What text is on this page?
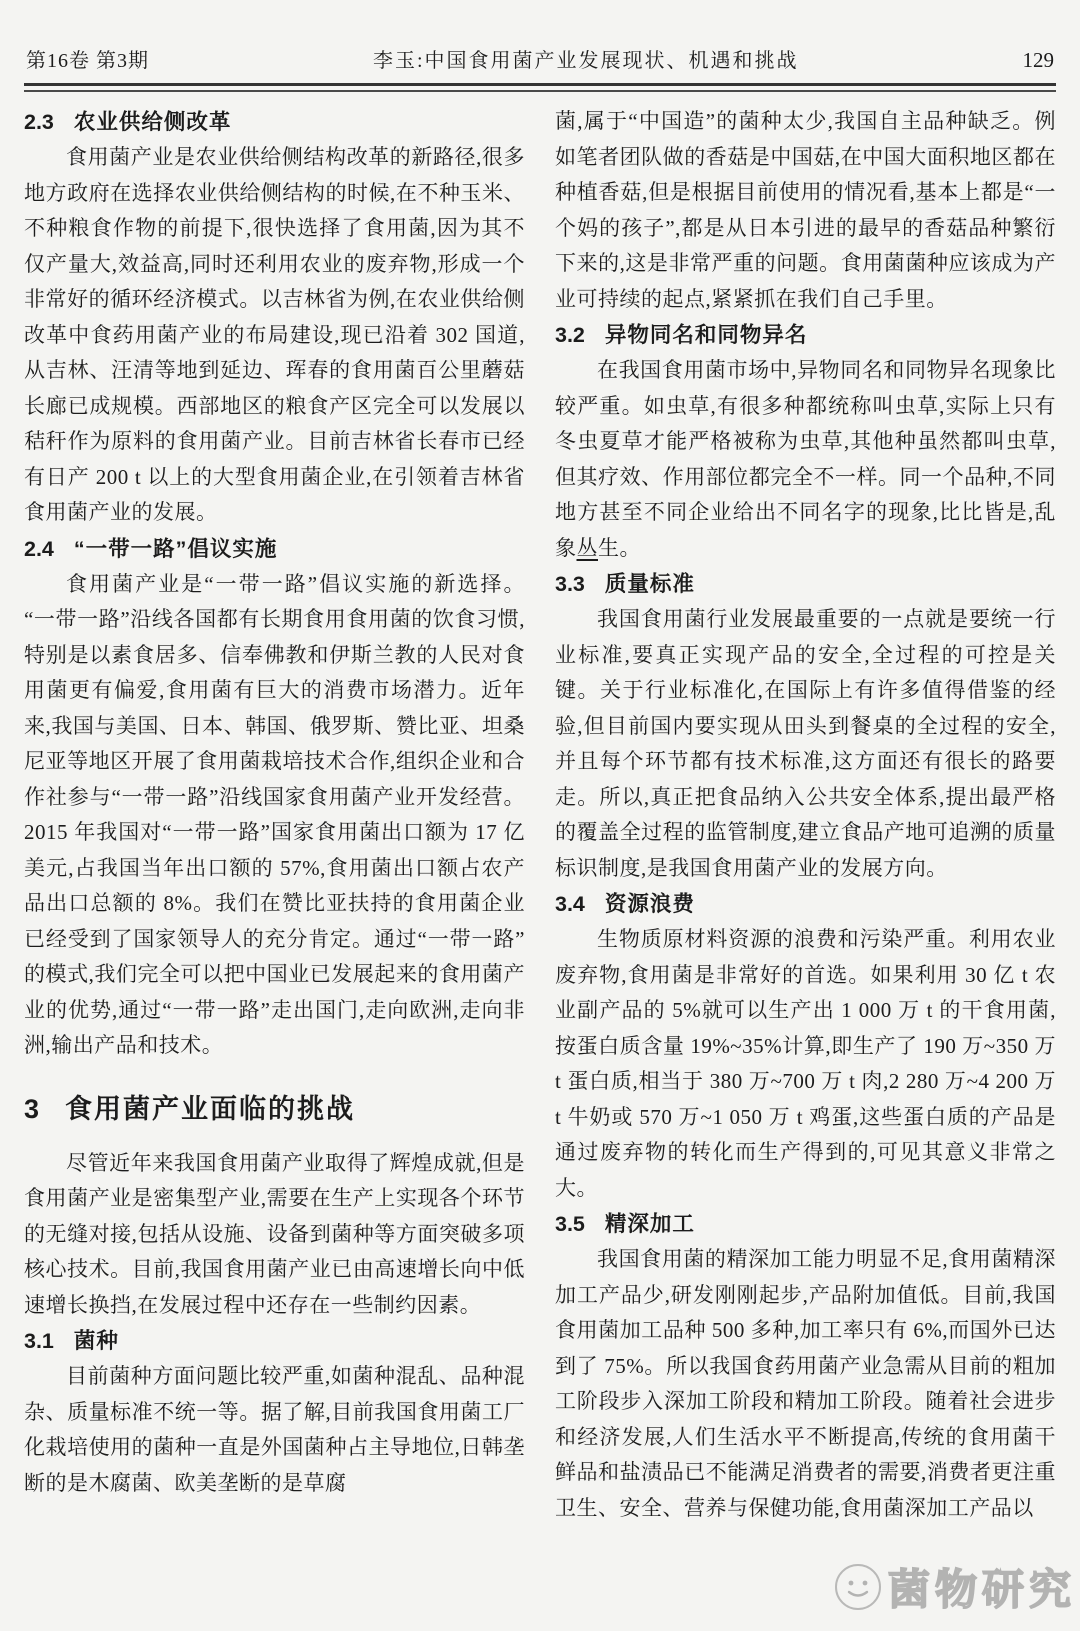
第16卷 第3期	李玉:中国食用菌产业发展现状、机遇和挑战	129
2.3 农业供给侧改革

食用菌产业是农业供给侧结构改革的新路径,很多地方政府在选择农业供给侧结构的时候,在不种玉米、不种粮食作物的前提下,很快选择了食用菌,因为其不仅产量大,效益高,同时还利用农业的废弃物,形成一个非常好的循环经济模式。以吉林省为例,在农业供给侧改革中食药用菌产业的布局建设,现已沿着 302 国道,从吉林、汪清等地到延边、珲春的食用菌百公里蘑菇长廊已成规模。西部地区的粮食产区完全可以发展以秸秆作为原料的食用菌产业。目前吉林省长春市已经有日产 200 t 以上的大型食用菌企业,在引领着吉林省食用菌产业的发展。

2.4 “一带一路”倡议实施

食用菌产业是“一带一路”倡议实施的新选择。“一带一路”沿线各国都有长期食用食用菌的饮食习惯,特别是以素食居多、信奉佛教和伊斯兰教的人民对食用菌更有偏爱,食用菌有巨大的消费市场潜力。近年来,我国与美国、日本、韩国、俄罗斯、赞比亚、坦桑尼亚等地区开展了食用菌栽培技术合作,组织企业和合作社参与“一带一路”沿线国家食用菌产业开发经营。2015 年我国对“一带一路”国家食用菌出口额为 17 亿美元,占我国当年出口额的 57%,食用菌出口额占农产品出口总额的 8%。我们在赞比亚扶持的食用菌企业已经受到了国家领导人的充分肯定。通过“一带一路”的模式,我们完全可以把中国业已发展起来的食用菌产业的优势,通过“一带一路”走出国门,走向欧洲,走向非洲,输出产品和技术。

3 食用菌产业面临的挑战

尽管近年来我国食用菌产业取得了辉煌成就,但是食用菌产业是密集型产业,需要在生产上实现各个环节的无缝对接,包括从设施、设备到菌种等方面突破多项核心技术。目前,我国食用菌产业已由高速增长向中低速增长换挡,在发展过程中还存在一些制约因素。

3.1 菌种

目前菌种方面问题比较严重,如菌种混乱、品种混杂、质量标准不统一等。据了解,目前我国食用菌工厂化栽培使用的菌种一直是外国菌种占主导地位,日韩垄断的是木腐菌、欧美垄断的是草腐

菌,属于“中国造”的菌种太少,我国自主品种缺乏。例如笔者团队做的香菇是中国菇,在中国大面积地区都在种植香菇,但是根据目前使用的情况看,基本上都是“一个妈的孩子”,都是从日本引进的最早的香菇品种繁衍下来的,这是非常严重的问题。食用菌菌种应该成为产业可持续的起点,紧紧抓在我们自己手里。

3.2 异物同名和同物异名

在我国食用菌市场中,异物同名和同物异名现象比较严重。如虫草,有很多种都统称叫虫草,实际上只有冬虫夏草才能严格被称为虫草,其他种虽然都叫虫草,但其疗效、作用部位都完全不一样。同一个品种,不同地方甚至不同企业给出不同名字的现象,比比皆是,乱象丛生。

3.3 质量标准

我国食用菌行业发展最重要的一点就是要统一行业标准,要真正实现产品的安全,全过程的可控是关键。关于行业标准化,在国际上有许多值得借鉴的经验,但目前国内要实现从田头到餐桌的全过程的安全,并且每个环节都有技术标准,这方面还有很长的路要走。所以,真正把食品纳入公共安全体系,提出最严格的覆盖全过程的监管制度,建立食品产地可追溯的质量标识制度,是我国食用菌产业的发展方向。

3.4 资源浪费

生物质原材料资源的浪费和污染严重。利用农业废弃物,食用菌是非常好的首选。如果利用 30 亿 t 农业副产品的 5%就可以生产出 1 000 万 t 的干食用菌,按蛋白质含量 19%~35%计算,即生产了 190 万~350 万 t 蛋白质,相当于 380 万~700 万 t 肉,2 280 万~4 200 万 t 牛奶或 570 万~1 050 万 t 鸡蛋,这些蛋白质的产品是通过废弃物的转化而生产得到的,可见其意义非常之大。

3.5 精深加工

我国食用菌的精深加工能力明显不足,食用菌精深加工产品少,研发刚刚起步,产品附加值低。目前,我国食用菌加工品种 500 多种,加工率只有 6%,而国外已达到了 75%。所以我国食药用菌产业急需从目前的粗加工阶段步入深加工阶段和精加工阶段。随着社会进步和经济发展,人们生活水平不断提高,传统的食用菌干鲜品和盐渍品已不能满足消费者的需要,消费者更注重卫生、安全、营养与保健功能,食用菌深加工产品以

菌物研究
